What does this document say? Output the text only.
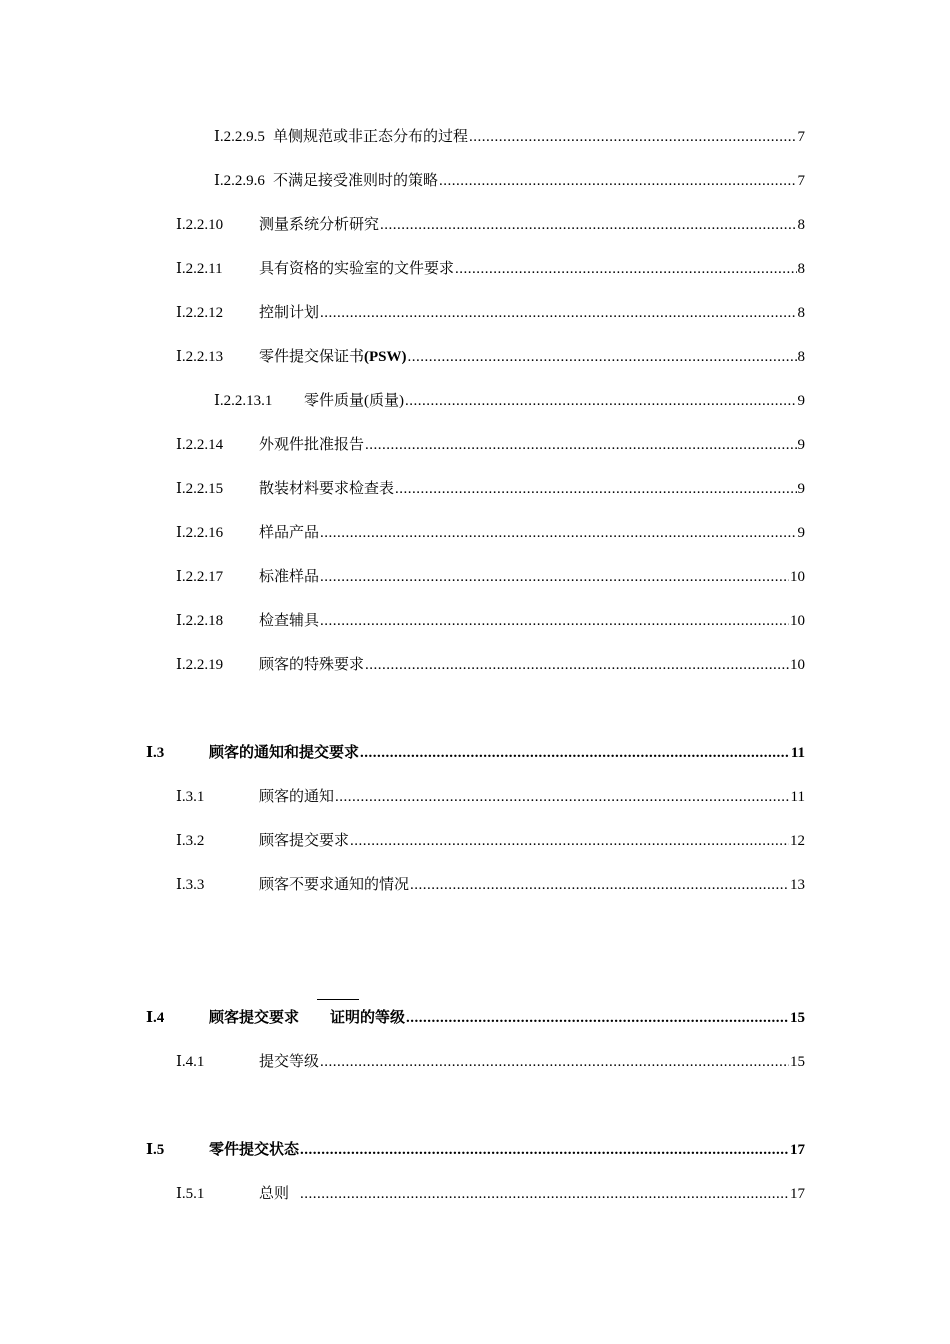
Ⅰ.2.2.9.5 单侧规范或非正态分布的过程 .....	7
Ⅰ.2.2.9.6 不满足接受准则时的策略 .....	7
Ⅰ.2.2.10	测量系统分析研究 .....	8
Ⅰ.2.2.11	具有资格的实验室的文件要求 .....	8
Ⅰ.2.2.12	控制计划 .....	8
Ⅰ.2.2.13	零件提交保证书(PSW) .....	8
Ⅰ.2.2.13.1	零件质量(质量) .....	9
Ⅰ.2.2.14	外观件批准报告 .....	9
Ⅰ.2.2.15	散装材料要求检查表 .....	9
Ⅰ.2.2.16	样品产品 .....	9
Ⅰ.2.2.17	标准样品 .....	10
Ⅰ.2.2.18	检查辅具 .....	10
Ⅰ.2.2.19	顾客的特殊要求 .....	10
Ⅰ.3	顾客的通知和提交要求 .....	11
Ⅰ.3.1	顾客的通知 .....	11
Ⅰ.3.2	顾客提交要求 .....	12
Ⅰ.3.3	顾客不要求通知的情况 .....	13
Ⅰ.4	顾客提交要求 证明的等级 .....	15
Ⅰ.4.1	提交等级 .....	15
Ⅰ.5	零件提交状态 .....	17
Ⅰ.5.1	总则 .....	17
